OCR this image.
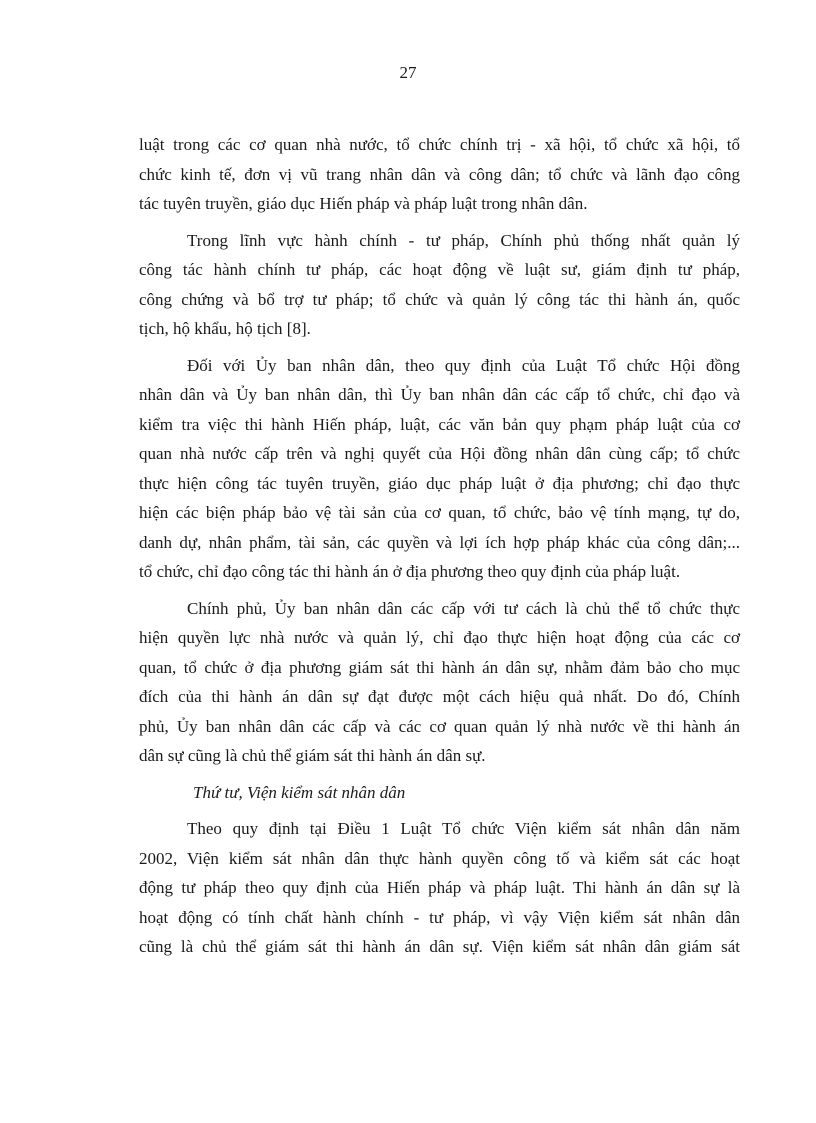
27

luật trong các cơ quan nhà nước, tổ chức chính trị - xã hội, tổ chức xã hội, tổ
chức kinh tế, đơn vị vũ trang nhân dân và công dân; tổ chức và lãnh đạo công
tác tuyên truyền, giáo dục Hiến pháp và pháp luật trong nhân dân.

Trong lĩnh vực hành chính - tư pháp, Chính phủ thống nhất quản lý
công tác hành chính tư pháp, các hoạt động về luật sư, giám định tư pháp,
công chứng và bổ trợ tư pháp; tổ chức và quản lý công tác thi hành án, quốc
tịch, hộ khẩu, hộ tịch [8].

Đối với Ủy ban nhân dân, theo quy định của Luật Tổ chức Hội đồng
nhân dân và Ủy ban nhân dân, thì Ủy ban nhân dân các cấp tổ chức, chỉ đạo và
kiểm tra việc thi hành Hiến pháp, luật, các văn bản quy phạm pháp luật của cơ
quan nhà nước cấp trên và nghị quyết của Hội đồng nhân dân cùng cấp; tổ chức
thực hiện công tác tuyên truyền, giáo dục pháp luật ở địa phương; chỉ đạo thực
hiện các biện pháp bảo vệ tài sản của cơ quan, tổ chức, bảo vệ tính mạng, tự do,
danh dự, nhân phẩm, tài sản, các quyền và lợi ích hợp pháp khác của công dân;...
tổ chức, chỉ đạo công tác thi hành án ở địa phương theo quy định của pháp luật.

Chính phủ, Ủy ban nhân dân các cấp với tư cách là chủ thể tổ chức thực
hiện quyền lực nhà nước và quản lý, chỉ đạo thực hiện hoạt động của các cơ
quan, tổ chức ở địa phương giám sát thi hành án dân sự, nhằm đảm bảo cho mục
đích của thi hành án dân sự đạt được một cách hiệu quả nhất. Do đó, Chính
phủ, Ủy ban nhân dân các cấp và các cơ quan quản lý nhà nước về thi hành án
dân sự cũng là chủ thể giám sát thi hành án dân sự.

Thứ tư, Viện kiểm sát nhân dân

Theo quy định tại Điều 1 Luật Tổ chức Viện kiểm sát nhân dân năm
2002, Viện kiểm sát nhân dân thực hành quyền công tố và kiểm sát các hoạt
động tư pháp theo quy định của Hiến pháp và pháp luật. Thi hành án dân sự là
hoạt động có tính chất hành chính - tư pháp, vì vậy Viện kiểm sát nhân dân
cũng là chủ thể giám sát thi hành án dân sự. Viện kiểm sát nhân dân giám sát
